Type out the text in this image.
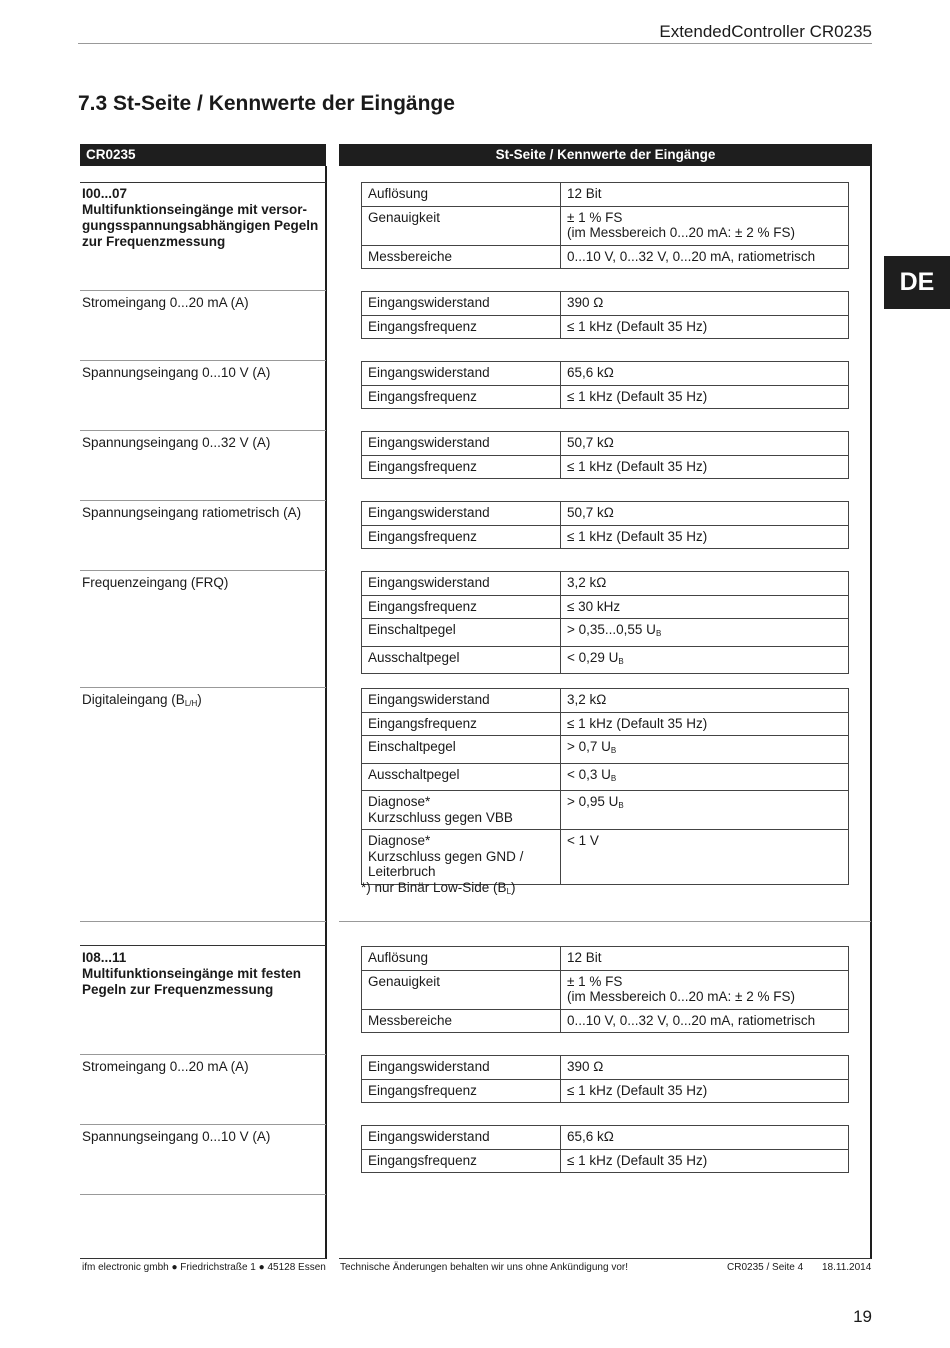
ExtendedController CR0235
7.3 St-Seite / Kennwerte der Eingänge
DE
CR0235	St-Seite / Kennwerte der Eingänge
I00...07
Multifunktionseingänge mit versor-
gungsspannungsabhängigen Pegeln
zur Frequenzmessung
Auflösung	12 Bit
Genauigkeit	± 1 % FS
(im Messbereich 0...20 mA: ± 2 % FS)
Messbereiche	0...10 V, 0...32 V, 0...20 mA, ratiometrisch
Stromeingang 0...20 mA (A)	Eingangswiderstand	390 Ω
Eingangsfrequenz	≤ 1 kHz (Default 35 Hz)
Spannungseingang 0...10 V (A)	Eingangswiderstand	65,6 kΩ
Eingangsfrequenz	≤ 1 kHz (Default 35 Hz)
Spannungseingang 0...32 V (A)	Eingangswiderstand	50,7 kΩ
Eingangsfrequenz	≤ 1 kHz (Default 35 Hz)
Spannungseingang ratiometrisch (A)	Eingangswiderstand	50,7 kΩ
Eingangsfrequenz	≤ 1 kHz (Default 35 Hz)
Frequenzeingang (FRQ)	Eingangswiderstand	3,2 kΩ
Eingangsfrequenz	≤ 30 kHz
Einschaltpegel	> 0,35...0,55 $U_B$
Ausschaltpegel	< 0,29 $U_B$
Digitaleingang $(B_{L/H})$	Eingangswiderstand	3,2 kΩ
Eingangsfrequenz	≤ 1 kHz (Default 35 Hz)
Einschaltpegel	> 0,7 $U_B$
Ausschaltpegel	< 0,3 $U_B$
Diagnose*
Kurzschluss gegen VBB	> 0,95 $U_B$
Diagnose*
Kurzschluss gegen GND /
Leiterbruch	< 1 V
*) nur Binär Low-Side $(B_L)$
I08...11
Multifunktionseingänge mit festen
Pegeln zur Frequenzmessung
Auflösung	12 Bit
Genauigkeit	± 1 % FS
(im Messbereich 0...20 mA: ± 2 % FS)
Messbereiche	0...10 V, 0...32 V, 0...20 mA, ratiometrisch
Stromeingang 0...20 mA (A)	Eingangswiderstand	390 Ω
Eingangsfrequenz	≤ 1 kHz (Default 35 Hz)
Spannungseingang 0...10 V (A)	Eingangswiderstand	65,6 kΩ
Eingangsfrequenz	≤ 1 kHz (Default 35 Hz)
ifm electronic gmbh ● Friedrichstraße 1 ● 45128 Essen Technische Änderungen behalten wir uns ohne Ankündigung vor!	CR0235 / Seite 4 18.11.2014
19
